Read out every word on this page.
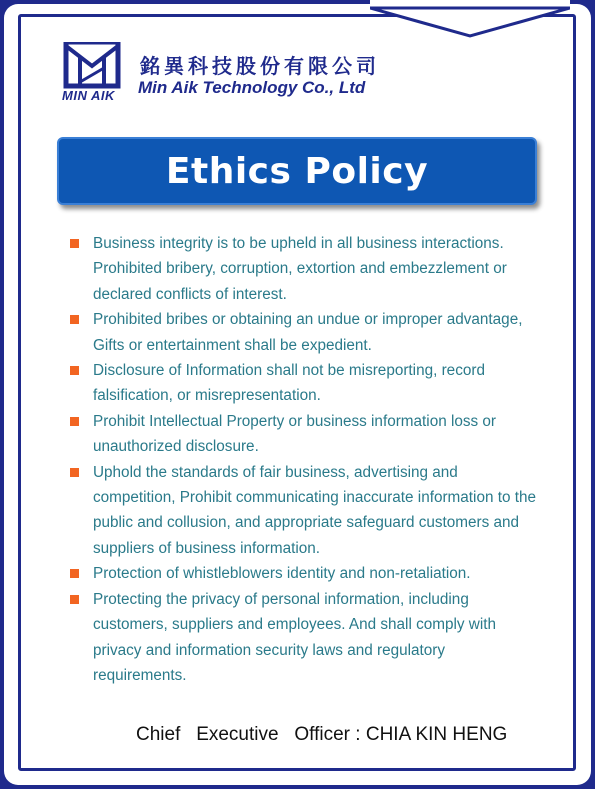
MIN AIK
銘異科技股份有限公司
Min Aik Technology Co., Ltd
Ethics Policy
Business integrity is to be upheld in all business interactions. Prohibited bribery, corruption, extortion and embezzlement or declared conflicts of interest.
Prohibited bribes or obtaining an undue or improper advantage, Gifts or entertainment shall be expedient.
Disclosure of Information shall not be misreporting, record falsification, or misrepresentation.
Prohibit Intellectual Property or business information loss or unauthorized disclosure.
Uphold the standards of fair business, advertising and competition, Prohibit communicating inaccurate information to the public and collusion, and appropriate safeguard customers and suppliers of business information.
Protection of whistleblowers identity and non-retaliation.
Protecting the privacy of personal information, including customers, suppliers and employees. And shall comply with privacy and information security laws and regulatory requirements.
Chief   Executive   Officer : CHIA KIN HENG
